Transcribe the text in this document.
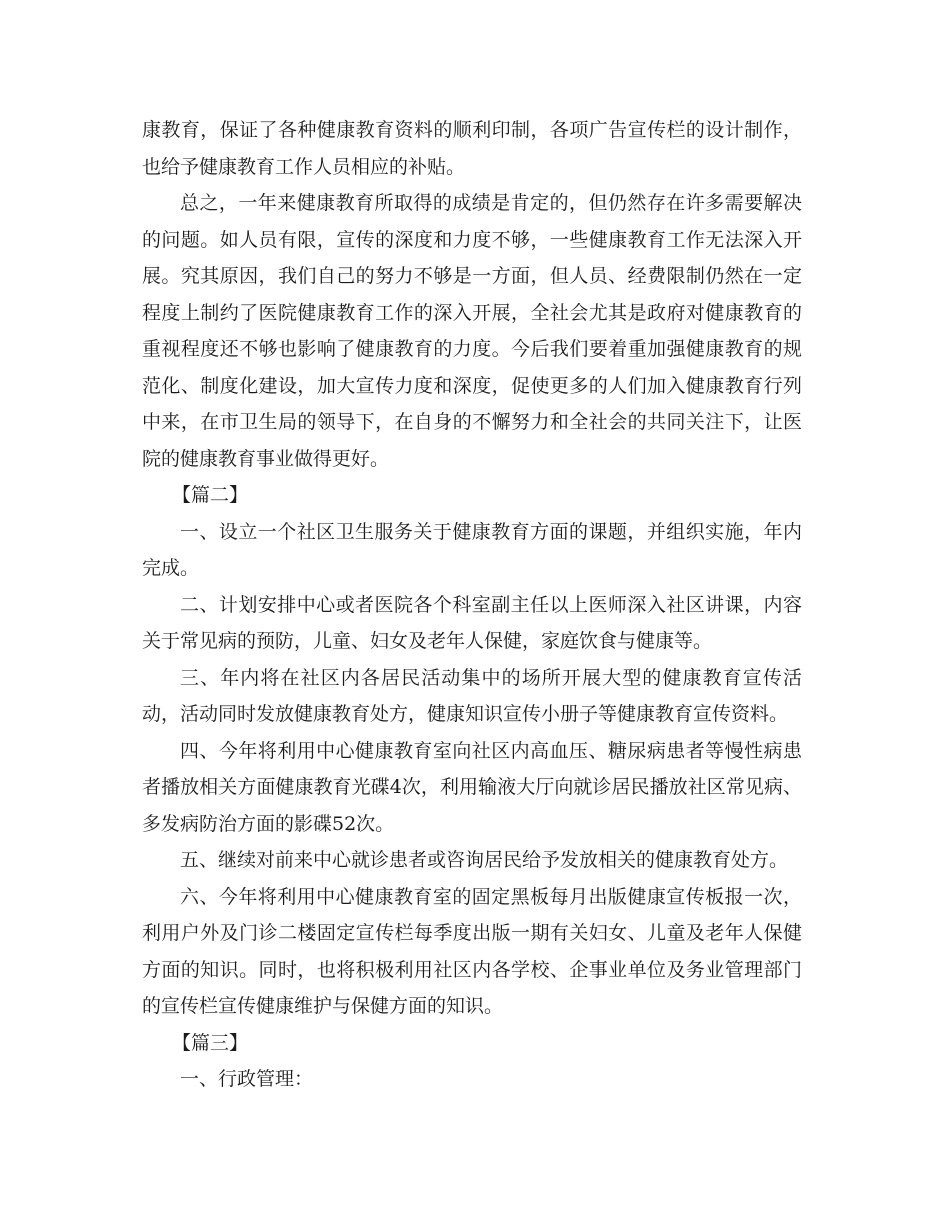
康教育，保证了各种健康教育资料的顺利印制，各项广告宣传栏的设计制作，也给予健康教育工作人员相应的补贴。

总之，一年来健康教育所取得的成绩是肯定的，但仍然存在许多需要解决的问题。如人员有限，宣传的深度和力度不够，一些健康教育工作无法深入开展。究其原因，我们自己的努力不够是一方面，但人员、经费限制仍然在一定程度上制约了医院健康教育工作的深入开展，全社会尤其是政府对健康教育的重视程度还不够也影响了健康教育的力度。今后我们要着重加强健康教育的规范化、制度化建设，加大宣传力度和深度，促使更多的人们加入健康教育行列中来，在市卫生局的领导下，在自身的不懈努力和全社会的共同关注下，让医院的健康教育事业做得更好。

【篇二】

一、设立一个社区卫生服务关于健康教育方面的课题，并组织实施，年内完成。

二、计划安排中心或者医院各个科室副主任以上医师深入社区讲课，内容关于常见病的预防，儿童、妇女及老年人保健，家庭饮食与健康等。

三、年内将在社区内各居民活动集中的场所开展大型的健康教育宣传活动，活动同时发放健康教育处方，健康知识宣传小册子等健康教育宣传资料。

四、今年将利用中心健康教育室向社区内高血压、糖尿病患者等慢性病患者播放相关方面健康教育光碟4次，利用输液大厅向就诊居民播放社区常见病、多发病防治方面的影碟52次。

五、继续对前来中心就诊患者或咨询居民给予发放相关的健康教育处方。

六、今年将利用中心健康教育室的固定黑板每月出版健康宣传板报一次，利用户外及门诊二楼固定宣传栏每季度出版一期有关妇女、儿童及老年人保健方面的知识。同时，也将积极利用社区内各学校、企事业单位及务业管理部门的宣传栏宣传健康维护与保健方面的知识。

【篇三】

一、行政管理：
